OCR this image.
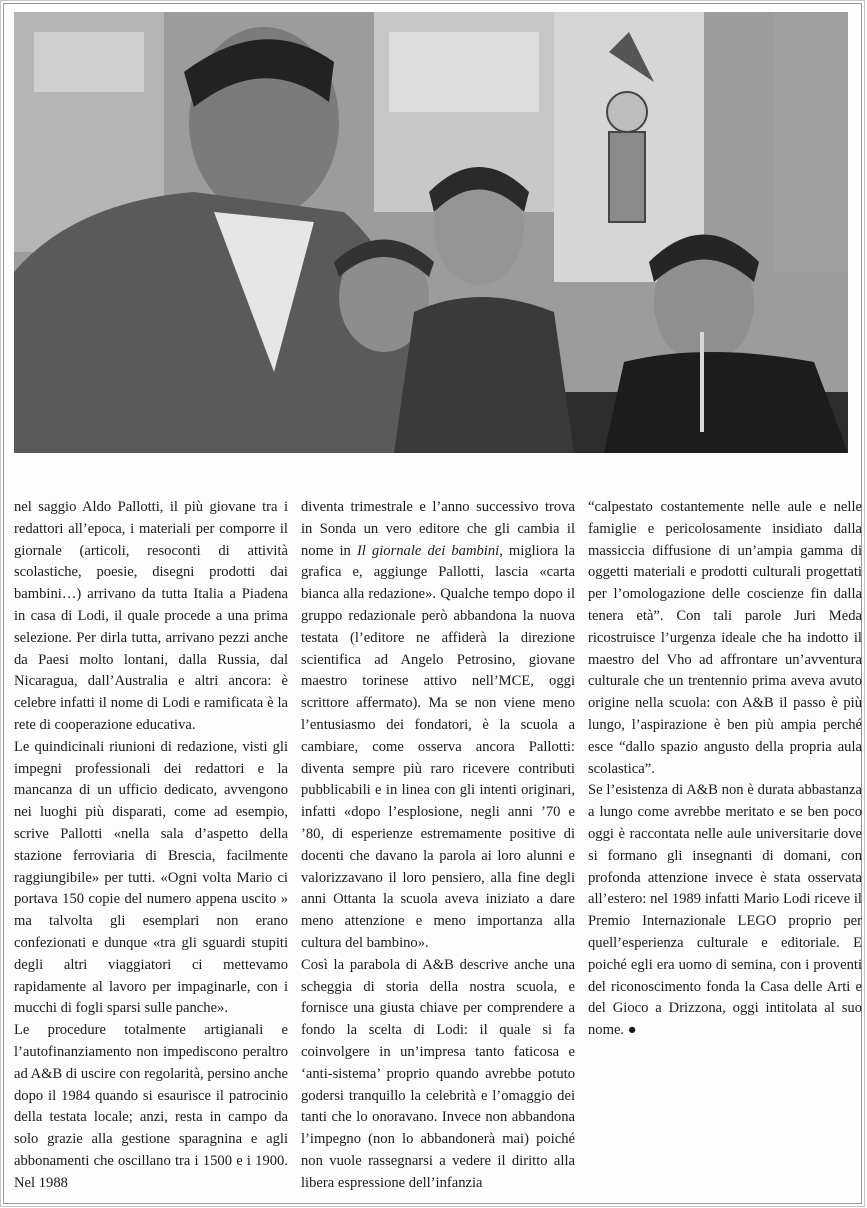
nel saggio Aldo Pallotti, il più giovane tra i redattori all’epoca, i materiali per comporre il giornale (articoli, resoconti di attività scolastiche, poesie, disegni prodotti dai bambini…) arrivano da tutta Italia a Piadena in casa di Lodi, il quale procede a una prima selezione. Per dirla tutta, arrivano pezzi anche da Paesi molto lontani, dalla Russia, dal Nicaragua, dall’Australia e altri ancora: è celebre infatti il nome di Lodi e ramificata è la rete di cooperazione educativa.

Le quindicinali riunioni di redazione, visti gli impegni professionali dei redattori e la mancanza di un ufficio dedicato, avvengono nei luoghi più disparati, come ad esempio, scrive Pallotti «nella sala d’aspetto della stazione ferroviaria di Brescia, facilmente raggiungibile» per tutti. «Ogni volta Mario ci portava 150 copie del numero appena uscito » ma talvolta gli esemplari non erano confezionati e dunque «tra gli sguardi stupiti degli altri viaggiatori ci mettevamo rapidamente al lavoro per impaginarle, con i mucchi di fogli sparsi sulle panche».

Le procedure totalmente artigianali e l’autofinanziamento non impediscono peraltro ad A&B di uscire con regolarità, persino anche dopo il 1984 quando si esaurisce il patrocinio della testata locale; anzi, resta in campo da solo grazie alla gestione sparagnina e agli abbonamenti che oscillano tra i 1500 e i 1900. Nel 1988

diventa trimestrale e l’anno successivo trova in Sonda un vero editore che gli cambia il nome in Il giornale dei bambini, migliora la grafica e, aggiunge Pallotti, lascia «carta bianca alla redazione». Qualche tempo dopo il gruppo redazionale però abbandona la nuova testata (l’editore ne affiderà la direzione scientifica ad Angelo Petrosino, giovane maestro torinese attivo nell’MCE, oggi scrittore affermato). Ma se non viene meno l’entusiasmo dei fondatori, è la scuola a cambiare, come osserva ancora Pallotti: diventa sempre più raro ricevere contributi pubblicabili e in linea con gli intenti originari, infatti «dopo l’esplosione, negli anni ’70 e ’80, di esperienze estremamente positive di docenti che davano la parola ai loro alunni e valorizzavano il loro pensiero, alla fine degli anni Ottanta la scuola aveva iniziato a dare meno attenzione e meno importanza alla cultura del bambino».

Così la parabola di A&B descrive anche una scheggia di storia della nostra scuola, e fornisce una giusta chiave per comprendere a fondo la scelta di Lodi: il quale si fa coinvolgere in un’impresa tanto faticosa e ‘anti-sistema’ proprio quando avrebbe potuto godersi tranquillo la celebrità e l’omaggio dei tanti che lo onoravano. Invece non abbandona l’impegno (non lo abbandonerà mai) poiché non vuole rassegnarsi a vedere il diritto alla libera espressione dell’infanzia

“calpestato costantemente nelle aule e nelle famiglie e pericolosamente insidiato dalla massiccia diffusione di un’ampia gamma di oggetti materiali e prodotti culturali progettati per l’omologazione delle coscienze fin dalla tenera età”. Con tali parole Juri Meda ricostruisce l’urgenza ideale che ha indotto il maestro del Vho ad affrontare un’avventura culturale che un trentennio prima aveva avuto origine nella scuola: con A&B il passo è più lungo, l’aspirazione è ben più ampia perché esce “dallo spazio angusto della propria aula scolastica”.

Se l’esistenza di A&B non è durata abbastanza a lungo come avrebbe meritato e se ben poco oggi è raccontata nelle aule universitarie dove si formano gli insegnanti di domani, con profonda attenzione invece è stata osservata all’estero: nel 1989 infatti Mario Lodi riceve il Premio Internazionale LEGO proprio per quell’esperienza culturale e editoriale. E poiché egli era uomo di semina, con i proventi del riconoscimento fonda la Casa delle Arti e del Gioco a Drizzona, oggi intitolata al suo nome. ●
